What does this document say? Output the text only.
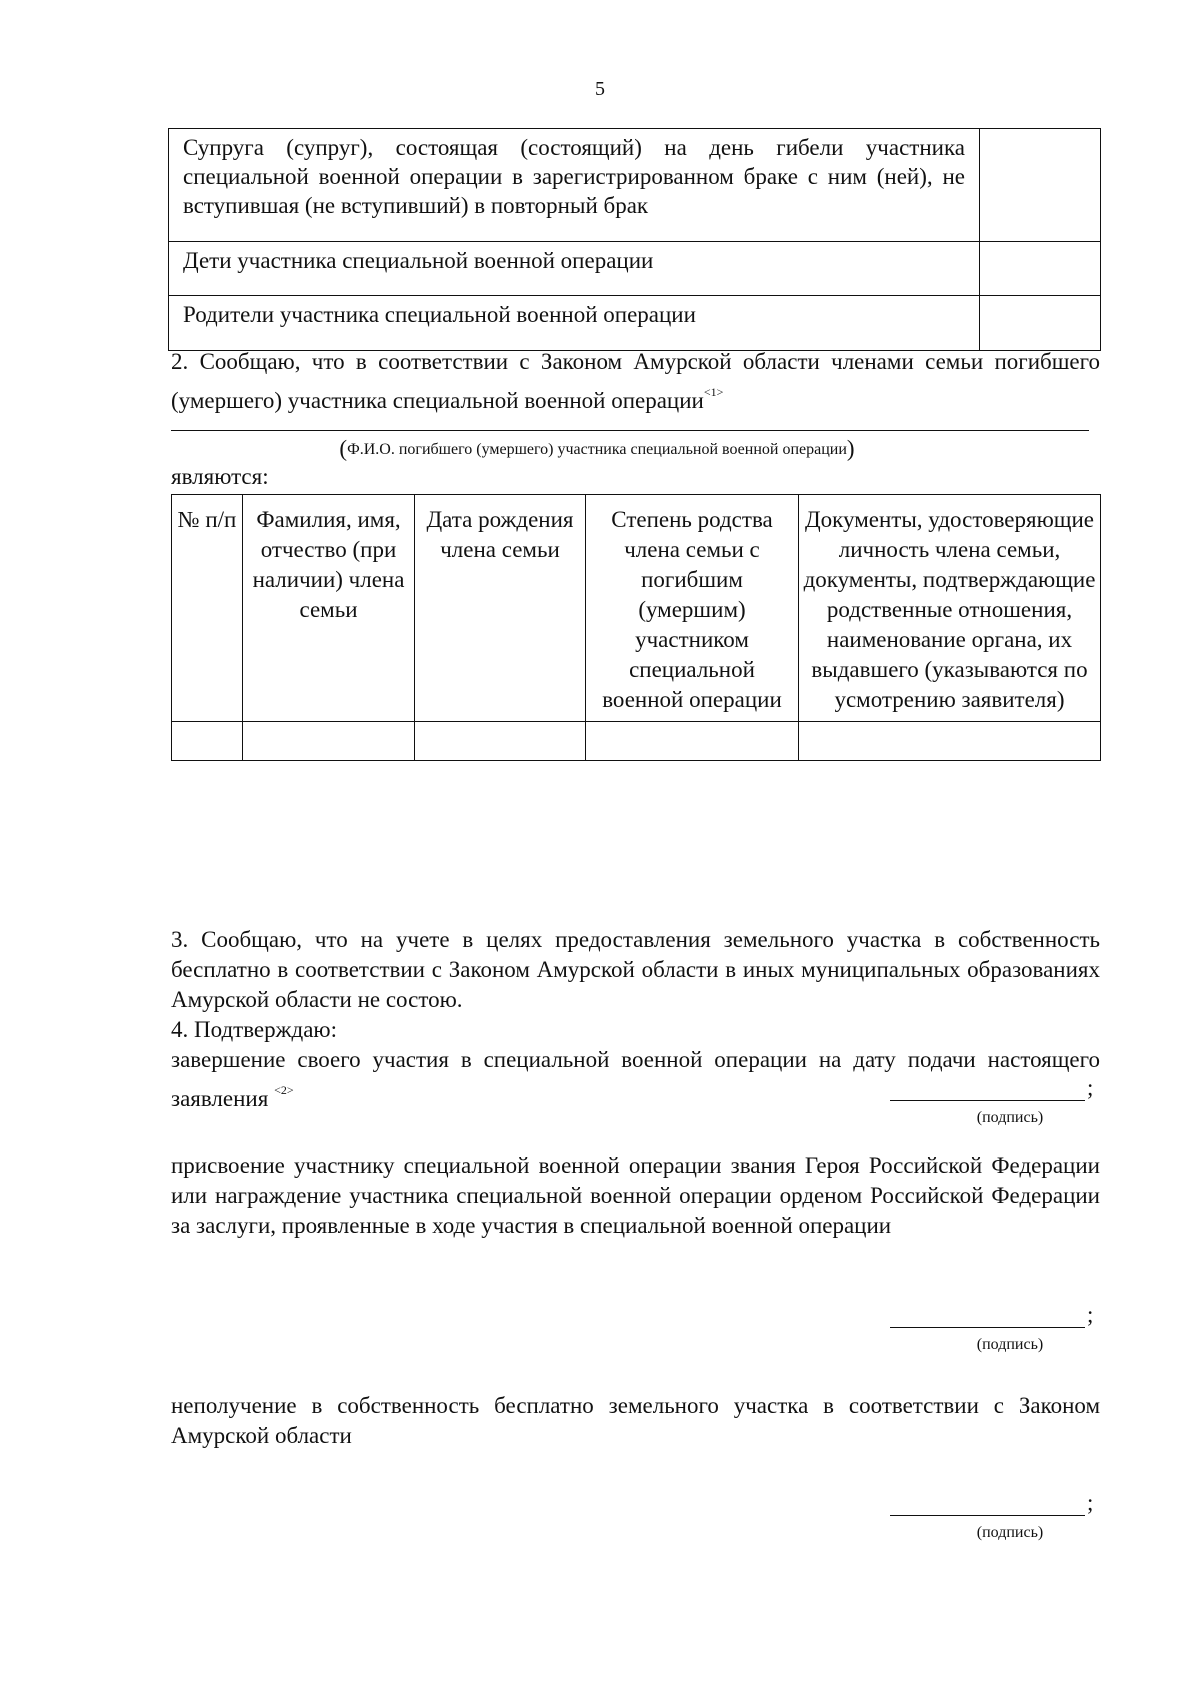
5
Супруга (супруг), состоящая (состоящий) на день гибели участника специальной военной операции в зарегистрированном браке с ним (ней), не вступившая (не вступивший) в повторный брак	
Дети участника специальной военной операции	
Родители участника специальной военной операции	
2. Сообщаю, что в соответствии с Законом Амурской области членами семьи погибшего (умершего) участника специальной военной операции$^{<1>}$
(Ф.И.О. погибшего (умершего) участника специальной военной операции)
являются:
№ п/п	Фамилия, имя, отчество (при наличии) члена семьи	Дата рождения члена семьи	Степень родства члена семьи с погибшим (умершим) участником специальной военной операции	Документы, удостоверяющие личность члена семьи, документы, подтверждающие родственные отношения, наименование органа, их выдавшего (указываются по усмотрению заявителя)

3. Сообщаю, что на учете в целях предоставления земельного участка в собственность бесплатно в соответствии с Законом Амурской области в иных муниципальных образованиях Амурской области не состою.
4. Подтверждаю:
завершение своего участия в специальной военной операции на дату подачи настоящего заявления $^{<2>}$	;
(подпись)
присвоение участнику специальной военной операции звания Героя Российской Федерации или награждение участника специальной военной операции орденом Российской Федерации за заслуги, проявленные в ходе участия в специальной военной операции
;
(подпись)
неполучение в собственность бесплатно земельного участка в соответствии с Законом Амурской области
;
(подпись)
